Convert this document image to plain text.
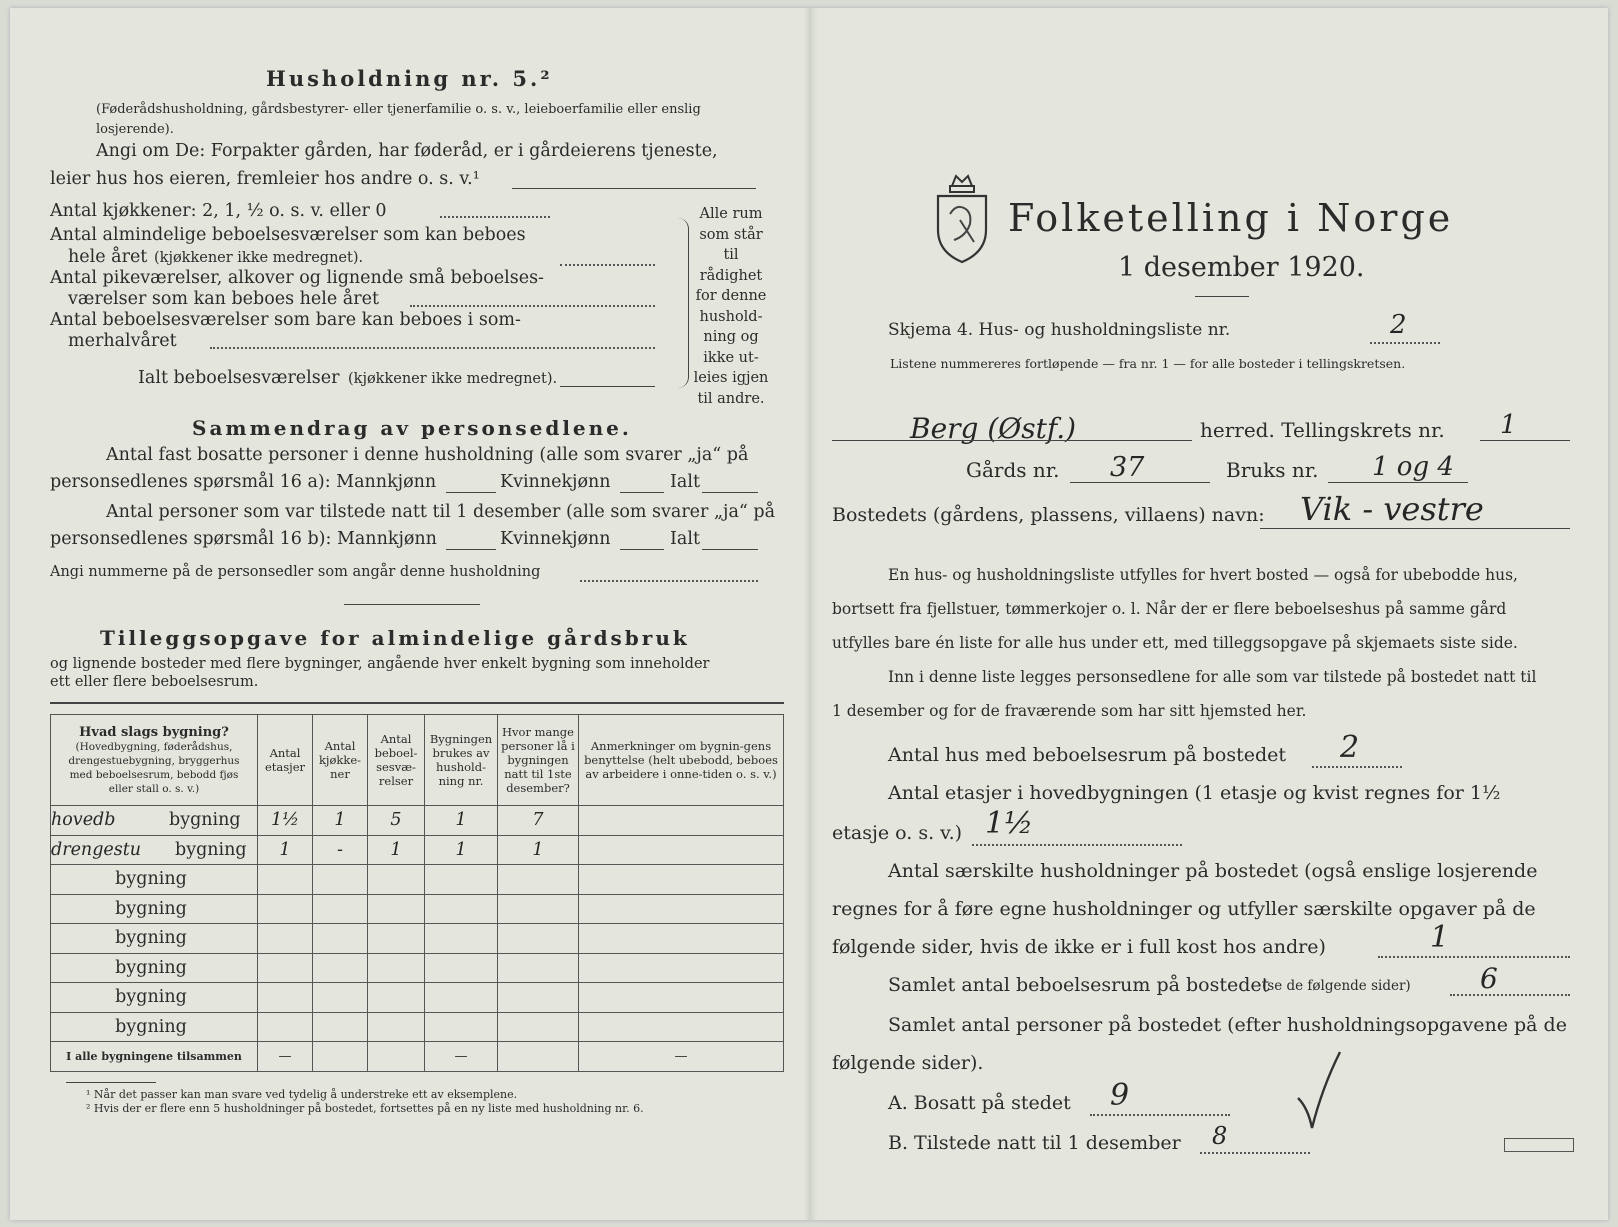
Husholdning nr. 5.²
(Føderådshusholdning, gårdsbestyrer- eller tjenerfamilie o. s. v., leieboerfamilie eller enslig losjerende).
Angi om De: Forpakter gården, har føderåd, er i gårdeierens tjeneste,
leier hus hos eieren, fremleier hos andre o. s. v.¹
Antal kjøkkener: 2, 1, ½ o. s. v. eller 0
Antal almindelige beboelsesværelser som kan beboes
hele året (kjøkkener ikke medregnet).
Antal pikeværelser, alkover og lignende små beboelses-
værelser som kan beboes hele året
Antal beboelsesværelser som bare kan beboes i som-
merhalvåret
Ialt beboelsesværelser (kjøkkener ikke medregnet).
Alle rum
som står til
rådighet
for denne
hushold-
ning og
ikke ut-
leies igjen
til andre.
Sammendrag av personsedlene.
Antal fast bosatte personer i denne husholdning (alle som svarer „ja“ på
personsedlenes spørsmål 16 a): Mannkjønn	Kvinnekjønn	Ialt
Antal personer som var tilstede natt til 1 desember (alle som svarer „ja“ på
personsedlenes spørsmål 16 b): Mannkjønn	Kvinnekjønn	Ialt
Angi nummerne på de personsedler som angår denne husholdning
Tilleggsopgave for almindelige gårdsbruk
og lignende bosteder med flere bygninger, angående hver enkelt bygning som inneholder
ett eller flere beboelsesrum.
Hvad slags bygning?
(Hovedbygning, føderådshus, drengestuebygning, bryggerhus med beboelsesrum, bebodd fjøs eller stall o. s. v.)	Antal etasjer	Antal kjøkke-ner	Antal beboel-sesvæ-relser	Bygningen brukes av hushold-ning nr.	Hvor mange personer lå i bygningen natt til 1ste desember?	Anmerkninger om bygnin-gens benyttelse (helt ubebodd, beboes av arbeidere i onne-tiden o. s. v.)
hovedb bygning	1½	1	5	1	7	
drengestu bygning	1	-	1	1	1	
bygning						
bygning						
bygning						
bygning						
bygning						
bygning						
I alle bygningene tilsammen	—			—		—
¹ Når det passer kan man svare ved tydelig å understreke ett av eksemplene.
² Hvis der er flere enn 5 husholdninger på bostedet, fortsettes på en ny liste med husholdning nr. 6.
Folketelling i Norge
1 desember 1920.
Skjema 4. Hus- og husholdningsliste nr.	2
Listene nummereres fortløpende — fra nr. 1 — for alle bosteder i tellingskretsen.
Berg (Østf.)	herred. Tellingskrets nr. 1
Gårds nr. 37	Bruks nr. 1 og 4
Bostedets (gårdens, plassens, villaens) navn: Vik - vestre
En hus- og husholdningsliste utfylles for hvert bosted — også for ubebodde hus,
bortsett fra fjellstuer, tømmerkojer o. l. Når der er flere beboelseshus på samme gård
utfylles bare én liste for alle hus under ett, med tilleggsopgave på skjemaets siste side.
Inn i denne liste legges personsedlene for alle som var tilstede på bostedet natt til
1 desember og for de fraværende som har sitt hjemsted her.
Antal hus med beboelsesrum på bostedet 2
Antal etasjer i hovedbygningen (1 etasje og kvist regnes for 1½
etasje o. s. v.) 1½
Antal særskilte husholdninger på bostedet (også enslige losjerende
regnes for å føre egne husholdninger og utfyller særskilte opgaver på de
følgende sider, hvis de ikke er i full kost hos andre)	1
Samlet antal beboelsesrum på bostedet
(se de følgende sider) 6
Samlet antal personer på bostedet (efter husholdningsopgavene på de
følgende sider).
A. Bosatt på stedet 9
B. Tilstede natt til 1 desember 8
